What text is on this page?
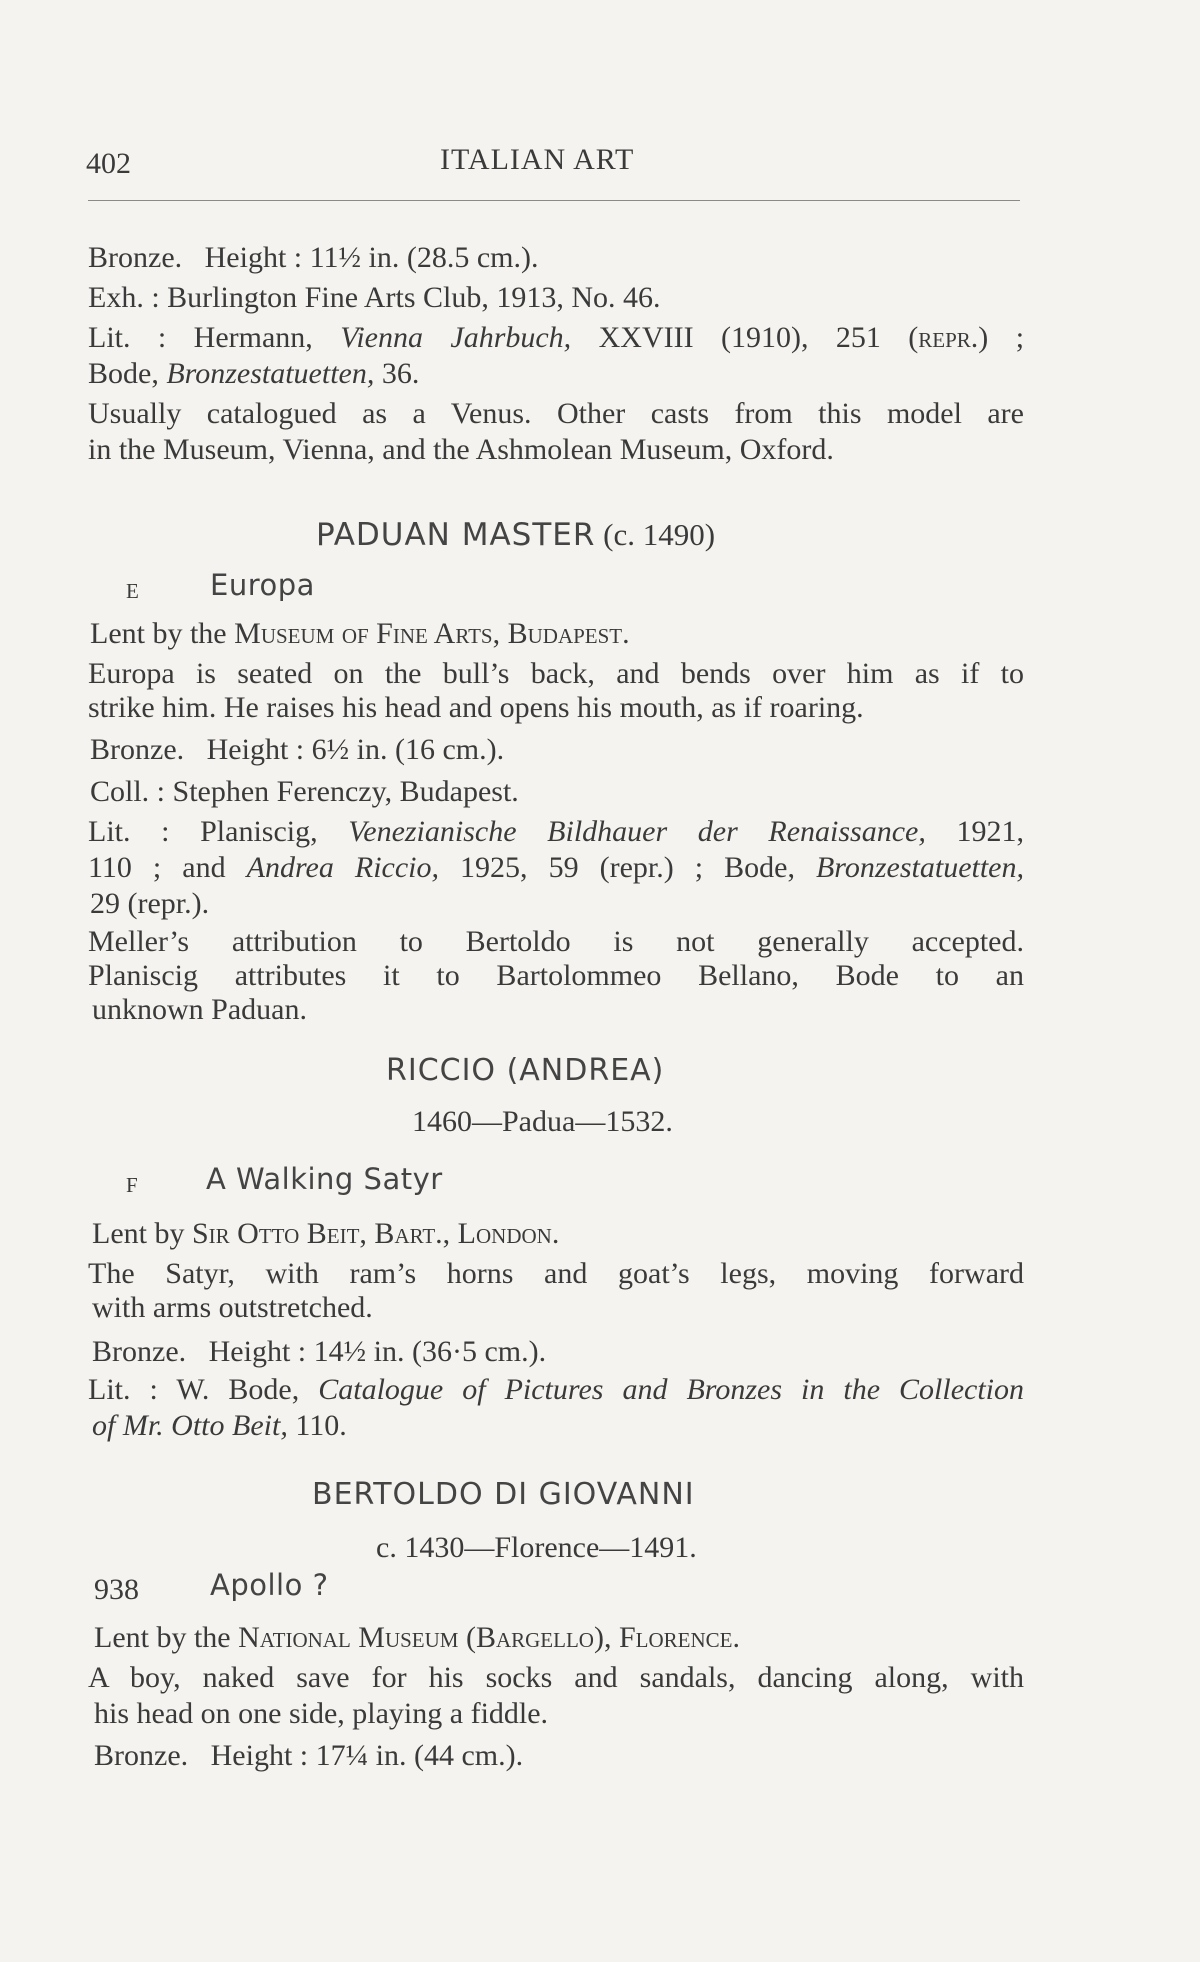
402	ITALIAN ART
Bronze. Height : 11½ in. (28.5 cm.).
Exh. : Burlington Fine Arts Club, 1913, No. 46.
Lit. : Hermann, Vienna Jahrbuch, XXVIII (1910), 251 (repr.) ;
Bode, Bronzestatuetten, 36.
Usually catalogued as a Venus. Other casts from this model are
in the Museum, Vienna, and the Ashmolean Museum, Oxford.
PADUAN MASTER (c. 1490)
E Europa
Lent by the Museum of Fine Arts, Budapest.
Europa is seated on the bull’s back, and bends over him as if to
strike him. He raises his head and opens his mouth, as if roaring.
Bronze. Height : 6½ in. (16 cm.).
Coll. : Stephen Ferenczy, Budapest.
Lit. : Planiscig, Venezianische Bildhauer der Renaissance, 1921,
110 ; and Andrea Riccio, 1925, 59 (repr.) ; Bode, Bronzestatuetten,
29 (repr.).
Meller’s attribution to Bertoldo is not generally accepted.
Planiscig attributes it to Bartolommeo Bellano, Bode to an
unknown Paduan.
RICCIO (ANDREA)
1460—Padua—1532.
F A Walking Satyr
Lent by Sir Otto Beit, Bart., London.
The Satyr, with ram’s horns and goat’s legs, moving forward
with arms outstretched.
Bronze. Height : 14½ in. (36·5 cm.).
Lit. : W. Bode, Catalogue of Pictures and Bronzes in the Collection
of Mr. Otto Beit, 110.
BERTOLDO DI GIOVANNI
c. 1430—Florence—1491.
938 Apollo ?
Lent by the National Museum (Bargello), Florence.
A boy, naked save for his socks and sandals, dancing along, with
his head on one side, playing a fiddle.
Bronze. Height : 17¼ in. (44 cm.).
